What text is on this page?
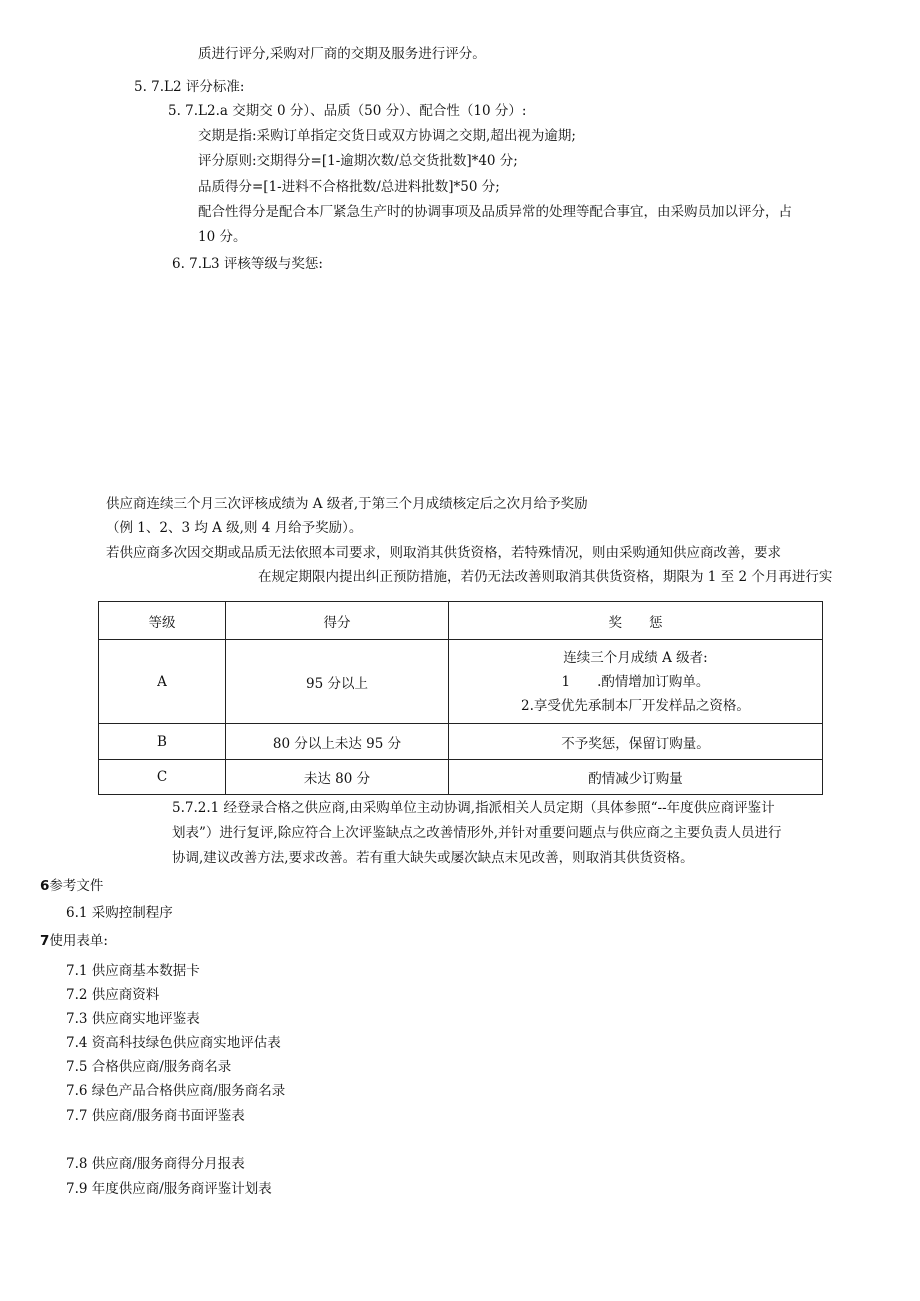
质进行评分,采购对厂商的交期及服务进行评分。
5. 7.L2 评分标准:
5. 7.L2.a 交期交 0 分）、品质（50 分）、配合性（10 分）:
交期是指:采购订单指定交货日或双方协调之交期,超出视为逾期;
评分原则:交期得分=[1-逾期次数/总交货批数]*40 分;
品质得分=[1-进料不合格批数/总进料批数]*50 分;
配合性得分是配合本厂紧急生产时的协调事项及品质异常的处理等配合事宜，由采购员加以评分，占
10 分。
6. 7.L3 评核等级与奖惩:
供应商连续三个月三次评核成绩为 A 级者,于第三个月成绩核定后之次月给予奖励
（例 1、2、3 均 A 级,则 4 月给予奖励）。
若供应商多次因交期或品质无法依照本司要求，则取消其供货资格，若特殊情况，则由采购通知供应商改善，要求
在规定期限内提出纠正预防措施，若仍无法改善则取消其供货资格，期限为 1 至 2 个月再进行实
等级	得分	奖　　惩
A	95 分以上	连续三个月成绩 A 级者:
1　　.酌情增加订购单。
2.享受优先承制本厂开发样品之资格。

B	80 分以上未达 95 分	不予奖惩，保留订购量。
C	未达 80 分	酌情减少订购量
5.7.2.1 经登录合格之供应商,由采购单位主动协调,指派相关人员定期（具体参照“--年度供应商评鉴计
划表”）进行复评,除应符合上次评鉴缺点之改善情形外,并针对重要问题点与供应商之主要负责人员进行
协调,建议改善方法,要求改善。若有重大缺失或屡次缺点末见改善，则取消其供货资格。
6参考文件
6.1 采购控制程序
7使用表单:
7.1 供应商基本数据卡
7.2 供应商资料
7.3 供应商实地评鉴表
7.4 资高科技绿色供应商实地评估表
7.5 合格供应商/服务商名录
7.6 绿色产品合格供应商/服务商名录
7.7 供应商/服务商书面评鉴表
7.8 供应商/服务商得分月报表
7.9 年度供应商/服务商评鉴计划表
